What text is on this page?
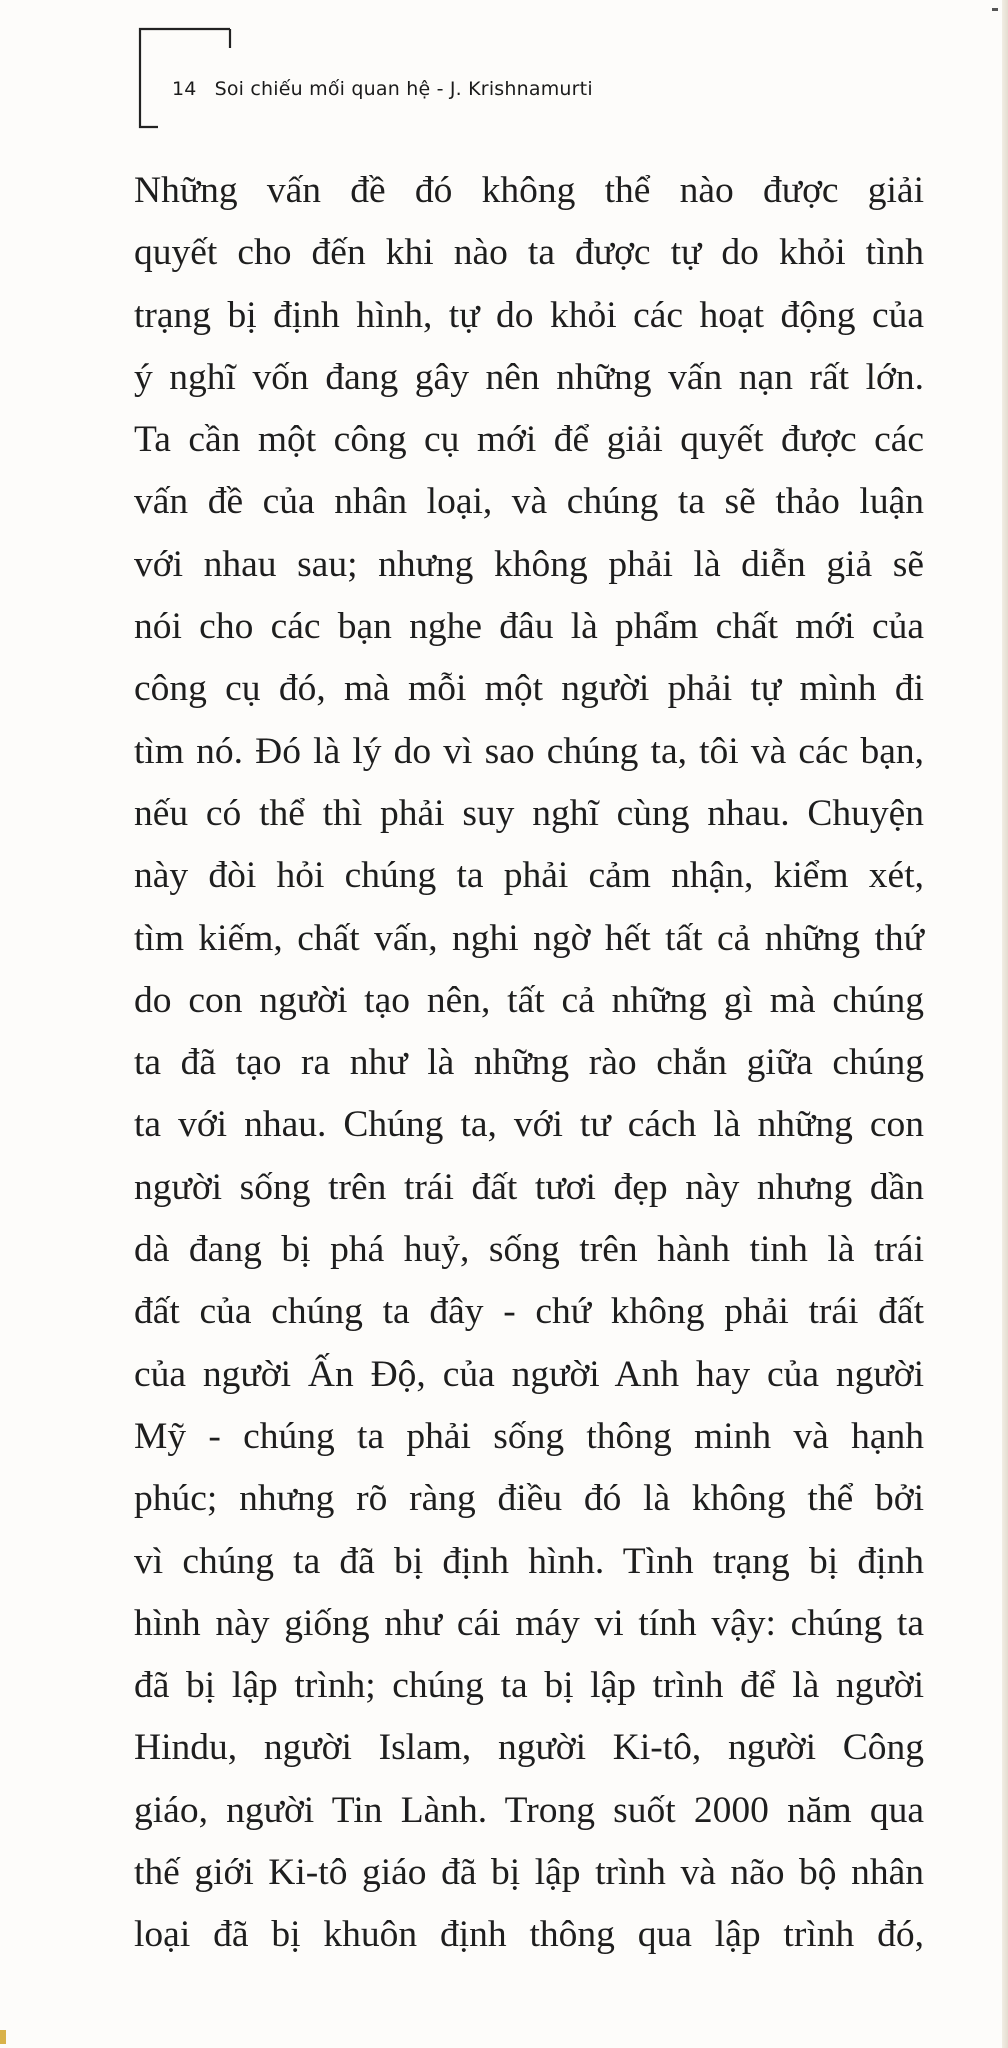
14 Soi chiếu mối quan hệ - J. Krishnamurti
Những vấn đề đó không thể nào được giải
quyết cho đến khi nào ta được tự do khỏi tình
trạng bị định hình, tự do khỏi các hoạt động của
ý nghĩ vốn đang gây nên những vấn nạn rất lớn.
Ta cần một công cụ mới để giải quyết được các
vấn đề của nhân loại, và chúng ta sẽ thảo luận
với nhau sau; nhưng không phải là diễn giả sẽ
nói cho các bạn nghe đâu là phẩm chất mới của
công cụ đó, mà mỗi một người phải tự mình đi
tìm nó. Đó là lý do vì sao chúng ta, tôi và các bạn,
nếu có thể thì phải suy nghĩ cùng nhau. Chuyện
này đòi hỏi chúng ta phải cảm nhận, kiểm xét,
tìm kiếm, chất vấn, nghi ngờ hết tất cả những thứ
do con người tạo nên, tất cả những gì mà chúng
ta đã tạo ra như là những rào chắn giữa chúng
ta với nhau. Chúng ta, với tư cách là những con
người sống trên trái đất tươi đẹp này nhưng dần
dà đang bị phá huỷ, sống trên hành tinh là trái
đất của chúng ta đây - chứ không phải trái đất
của người Ấn Độ, của người Anh hay của người
Mỹ - chúng ta phải sống thông minh và hạnh
phúc; nhưng rõ ràng điều đó là không thể bởi
vì chúng ta đã bị định hình. Tình trạng bị định
hình này giống như cái máy vi tính vậy: chúng ta
đã bị lập trình; chúng ta bị lập trình để là người
Hindu, người Islam, người Ki-tô, người Công
giáo, người Tin Lành. Trong suốt 2000 năm qua
thế giới Ki-tô giáo đã bị lập trình và não bộ nhân
loại đã bị khuôn định thông qua lập trình đó,
